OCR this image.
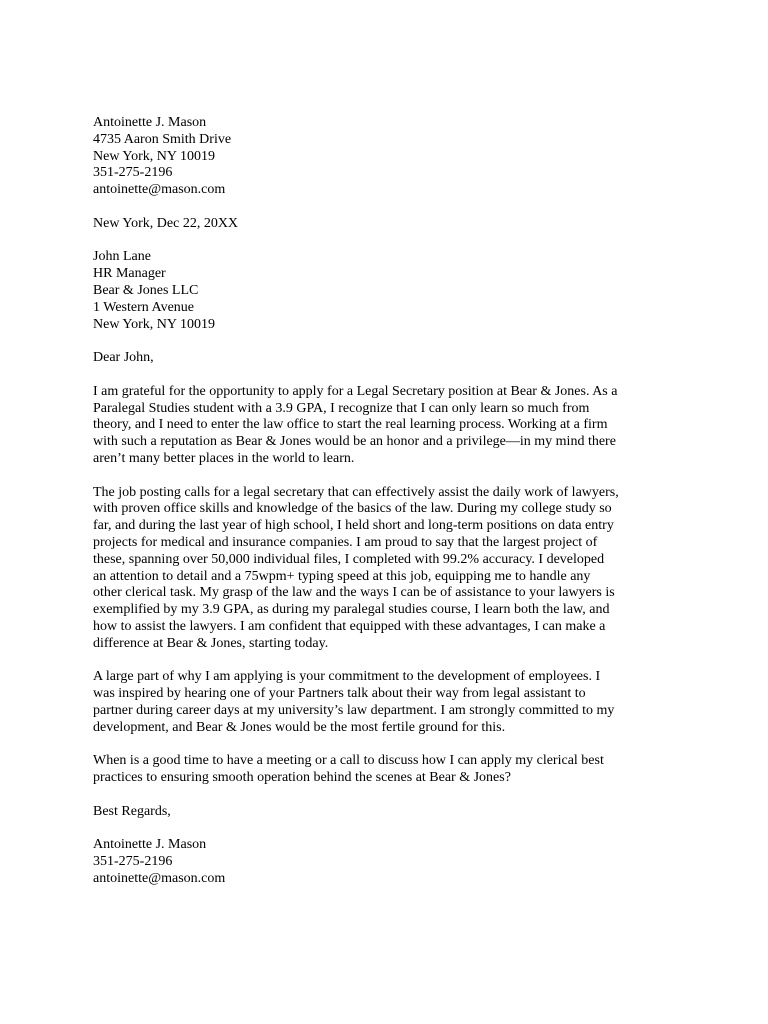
Antoinette J. Mason
4735 Aaron Smith Drive
New York, NY 10019
351-275-2196
antoinette@mason.com
New York, Dec 22, 20XX
John Lane
HR Manager
Bear & Jones LLC
1 Western Avenue
New York, NY 10019
Dear John,
I am grateful for the opportunity to apply for a Legal Secretary position at Bear & Jones. As a
Paralegal Studies student with a 3.9 GPA, I recognize that I can only learn so much from
theory, and I need to enter the law office to start the real learning process. Working at a firm
with such a reputation as Bear & Jones would be an honor and a privilege—in my mind there
aren’t many better places in the world to learn.
The job posting calls for a legal secretary that can effectively assist the daily work of lawyers,
with proven office skills and knowledge of the basics of the law. During my college study so
far, and during the last year of high school, I held short and long-term positions on data entry
projects for medical and insurance companies. I am proud to say that the largest project of
these, spanning over 50,000 individual files, I completed with 99.2% accuracy. I developed
an attention to detail and a 75wpm+ typing speed at this job, equipping me to handle any
other clerical task. My grasp of the law and the ways I can be of assistance to your lawyers is
exemplified by my 3.9 GPA, as during my paralegal studies course, I learn both the law, and
how to assist the lawyers. I am confident that equipped with these advantages, I can make a
difference at Bear & Jones, starting today.
A large part of why I am applying is your commitment to the development of employees. I
was inspired by hearing one of your Partners talk about their way from legal assistant to
partner during career days at my university’s law department. I am strongly committed to my
development, and Bear & Jones would be the most fertile ground for this.
When is a good time to have a meeting or a call to discuss how I can apply my clerical best
practices to ensuring smooth operation behind the scenes at Bear & Jones?
Best Regards,
Antoinette J. Mason
351-275-2196
antoinette@mason.com
